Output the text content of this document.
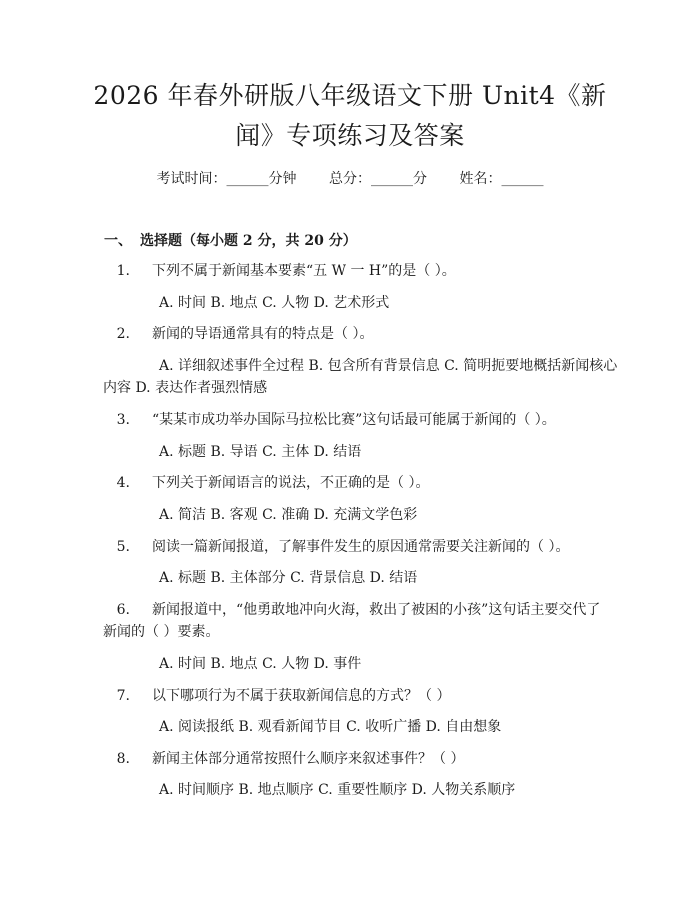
2026 年春外研版八年级语文下册 Unit4《新
闻》专项练习及答案
考试时间：______分钟 总分：______分 姓名：______
一、 选择题（每小题 2 分，共 20 分）
1. 下列不属于新闻基本要素“五 W 一 H”的是（ ）。
A. 时间 B. 地点 C. 人物 D. 艺术形式
2. 新闻的导语通常具有的特点是（ ）。
A. 详细叙述事件全过程 B. 包含所有背景信息 C. 简明扼要地概括新闻核心内容 D. 表达作者强烈情感
3. “某某市成功举办国际马拉松比赛”这句话最可能属于新闻的（ ）。
A. 标题 B. 导语 C. 主体 D. 结语
4. 下列关于新闻语言的说法，不正确的是（ ）。
A. 简洁 B. 客观 C. 准确 D. 充满文学色彩
5. 阅读一篇新闻报道，了解事件发生的原因通常需要关注新闻的（ ）。
A. 标题 B. 主体部分 C. 背景信息 D. 结语
6. 新闻报道中，“他勇敢地冲向火海，救出了被困的小孩”这句话主要交代了新闻的（ ）要素。
A. 时间 B. 地点 C. 人物 D. 事件
7. 以下哪项行为不属于获取新闻信息的方式？（ ）
A. 阅读报纸 B. 观看新闻节目 C. 收听广播 D. 自由想象
8. 新闻主体部分通常按照什么顺序来叙述事件？（ ）
A. 时间顺序 B. 地点顺序 C. 重要性顺序 D. 人物关系顺序
